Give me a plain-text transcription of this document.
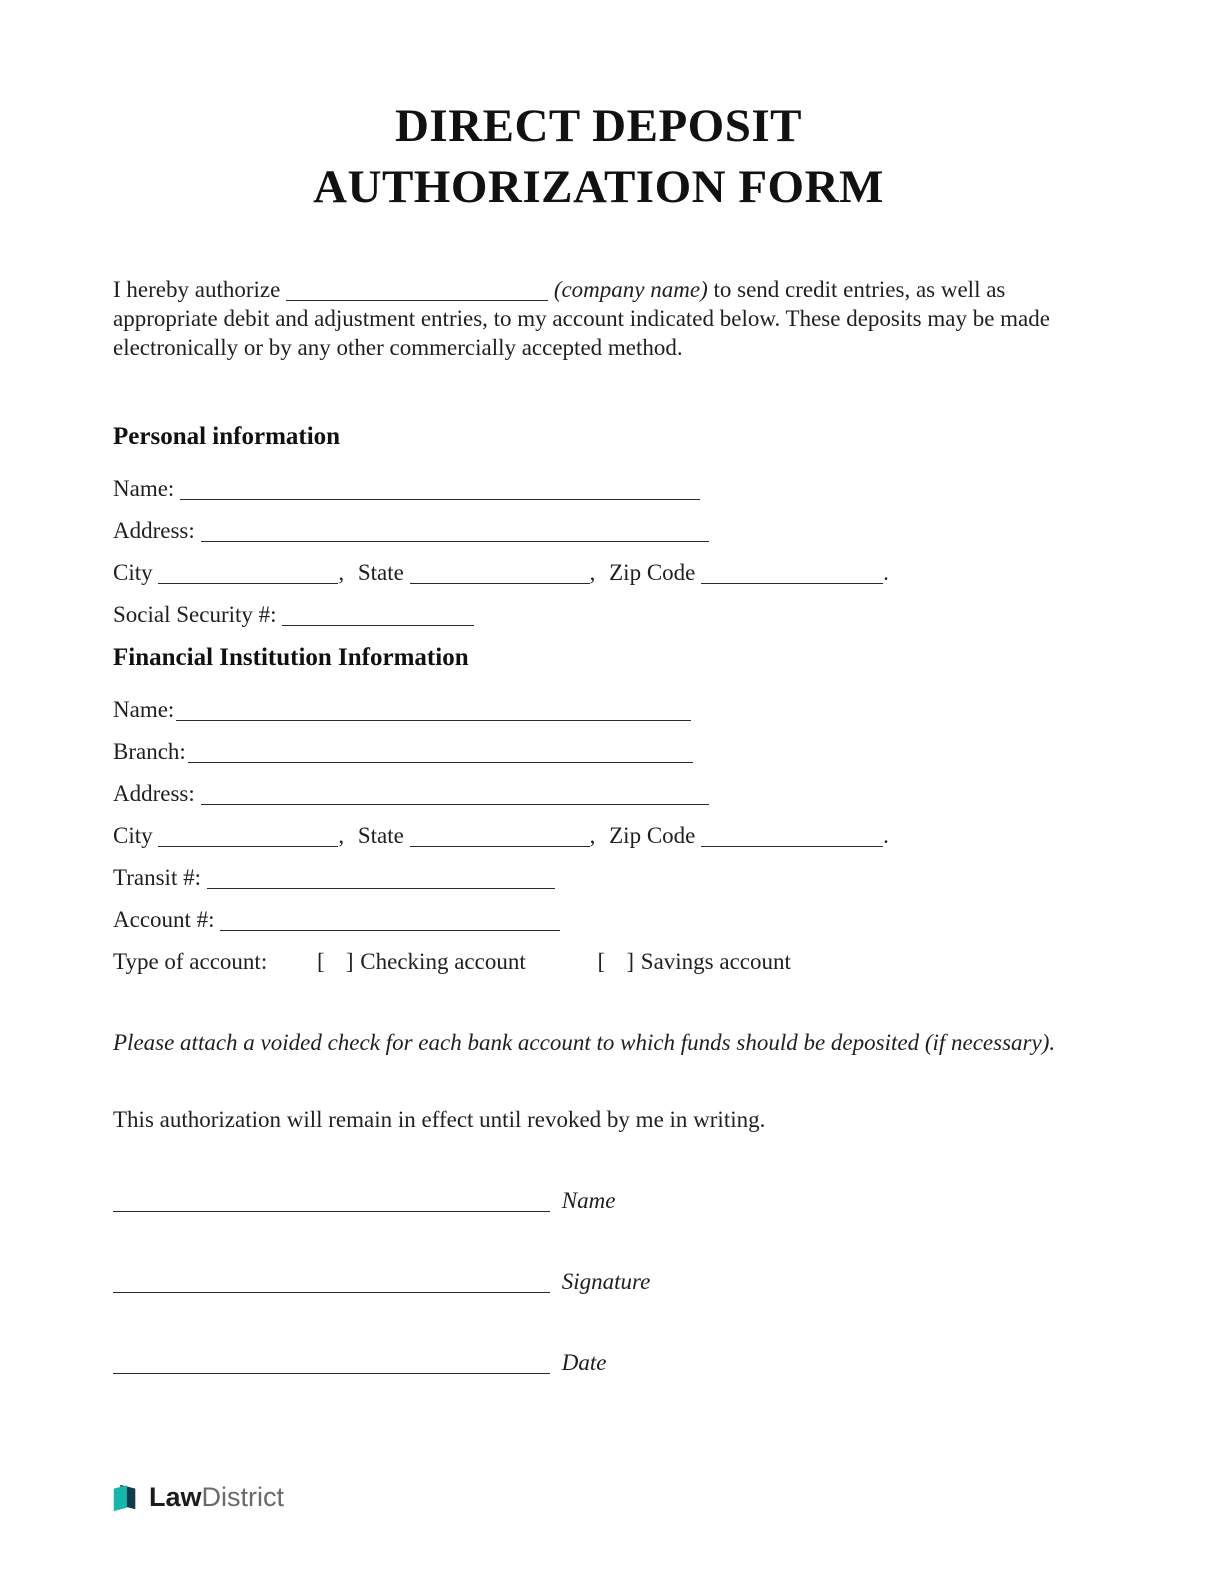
DIRECT DEPOSIT
AUTHORIZATION FORM

I hereby authorize	(company name) to send credit entries, as well as appropriate debit and adjustment entries, to my account indicated below. These deposits may be made electronically or by any other commercially accepted method.

Personal information
Name:
Address:
City	, State	, Zip Code	.
Social Security #:
Financial Institution Information
Name:
Branch:
Address:
City	, State	, Zip Code	.
Transit #:
Account #:
Type of account: [   ] Checking account	[   ] Savings account

Please attach a voided check for each bank account to which funds should be deposited (if necessary).

This authorization will remain in effect until revoked by me in writing.

Name
Signature
Date
LawDistrict
